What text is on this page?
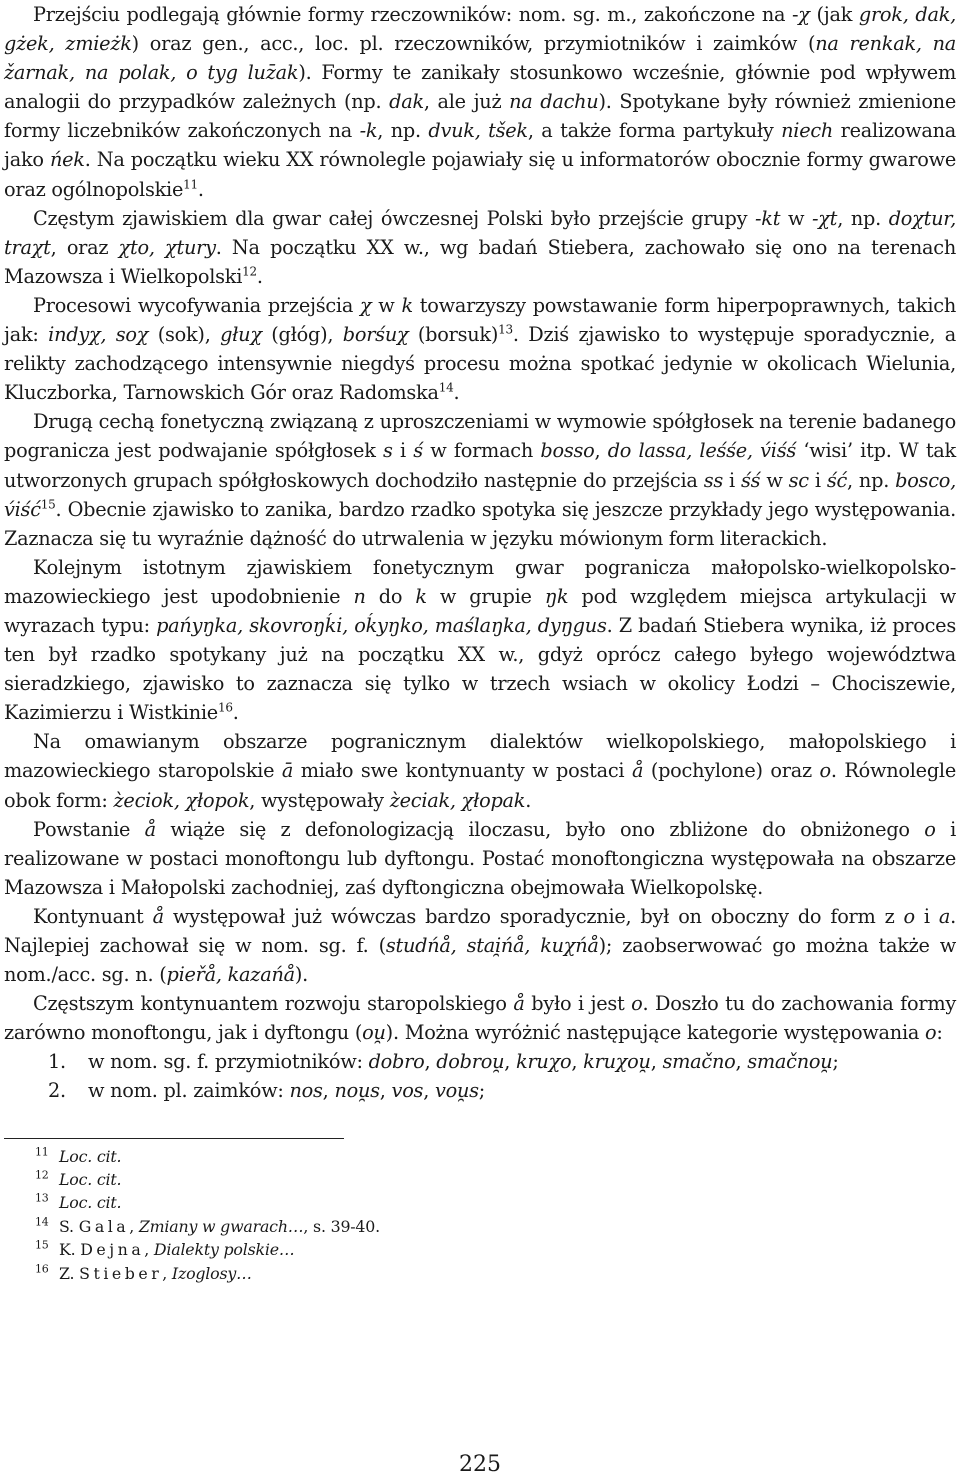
Przejściu podlegają głównie formy rzeczowników: nom. sg. m., zakończone na -χ (jak grok, dak, gżek, zmieżk) oraz gen., acc., loc. pl. rzeczowników, przymiotników i zaimków (na renkak, na žarnak, na polak, o tyg luz̄ak). Formy te zanikały stosunkowo wcześnie, głównie pod wpływem analogii do przypadków zależnych (np. dak, ale już na dachu). Spotykane były również zmienione formy liczebników zakończonych na -k, np. dvuk, tšek, a także forma partykuły niech realizowana jako ńek. Na początku wieku XX równolegle pojawiały się u informatorów obocznie formy gwarowe oraz ogólnopolskie$^{11}$.

Częstym zjawiskiem dla gwar całej ówczesnej Polski było przejście grupy -kt w -χt, np. doχtur, traχt, oraz χto, χtury. Na początku XX w., wg badań Stiebera, zachowało się ono na terenach Mazowsza i Wielkopolski$^{12}$.

Procesowi wycofywania przejścia χ w k towarzyszy powstawanie form hiperpoprawnych, takich jak: indyχ, soχ (sok), głuχ (głóg), borśuχ (borsuk)$^{13}$. Dziś zjawisko to występuje sporadycznie, a relikty zachodzącego intensywnie niegdyś procesu można spotkać jedynie w okolicach Wielunia, Kluczborka, Tarnowskich Gór oraz Radomska$^{14}$.

Drugą cechą fonetyczną związaną z uproszczeniami w wymowie spółgłosek na terenie badanego pogranicza jest podwajanie spółgłosek s i ś w formach bosso, do lassa, leśśe, v́iśś ‘wisi’ itp. W tak utworzonych grupach spółgłoskowych dochodziło następnie do przejścia ss i śś w sc i ść, np. bosco, v́iść$^{15}$. Obecnie zjawisko to zanika, bardzo rzadko spotyka się jeszcze przykłady jego występowania. Zaznacza się tu wyraźnie dążność do utrwalenia w języku mówionym form literackich.

Kolejnym istotnym zjawiskiem fonetycznym gwar pogranicza małopolsko-wielkopolsko-mazowieckiego jest upodobnienie n do k w grupie ŋk pod względem miejsca artykulacji w wyrazach typu: pańyŋka, skovroŋḱi, oḱyŋko, maślaŋka, dyŋgus. Z badań Stiebera wynika, iż proces ten był rzadko spotykany już na początku XX w., gdyż oprócz całego byłego województwa sieradzkiego, zjawisko to zaznacza się tylko w trzech wsiach w okolicy Łodzi – Chociszewie, Kazimierzu i Wistkinie$^{16}$.

Na omawianym obszarze pogranicznym dialektów wielkopolskiego, małopolskiego i mazowieckiego staropolskie ā miało swe kontynuanty w postaci å (pochylone) oraz o. Równolegle obok form: z̀eciok, χłopok, występowały z̀eciak, χłopak.

Powstanie å wiąże się z defonologizacją iloczasu, było ono zbliżone do obniżonego o i realizowane w postaci monoftongu lub dyftongu. Postać monoftongiczna występowała na obszarze Mazowsza i Małopolski zachodniej, zaś dyftongiczna obejmowała Wielkopolskę.

Kontynuant å występował już wówczas bardzo sporadycznie, był on oboczny do form z o i a. Najlepiej zachował się w nom. sg. f. (studńå, stai̯ńå, kuχńå); zaobserwować go można także w nom./acc. sg. n. (pieřå, kazańå).

Częstszym kontynuantem rozwoju staropolskiego å było i jest o. Doszło tu do zachowania formy zarówno monoftongu, jak i dyftongu (ou̯). Można wyróżnić następujące kategorie występowania o:

1. w nom. sg. f. przymiotników: dobro, dobrou̯, kruχo, kruχou̯, smačno, smačnou̯;
2. w nom. pl. zaimków: nos, nou̯s, vos, vou̯s;
$^{11}$ Loc. cit.
$^{12}$ Loc. cit.
$^{13}$ Loc. cit.
$^{14}$ S. Gala, Zmiany w gwarach…, s. 39-40.
$^{15}$ K. Dejna, Dialekty polskie…
$^{16}$ Z. Stieber, Izoglosy…
225
